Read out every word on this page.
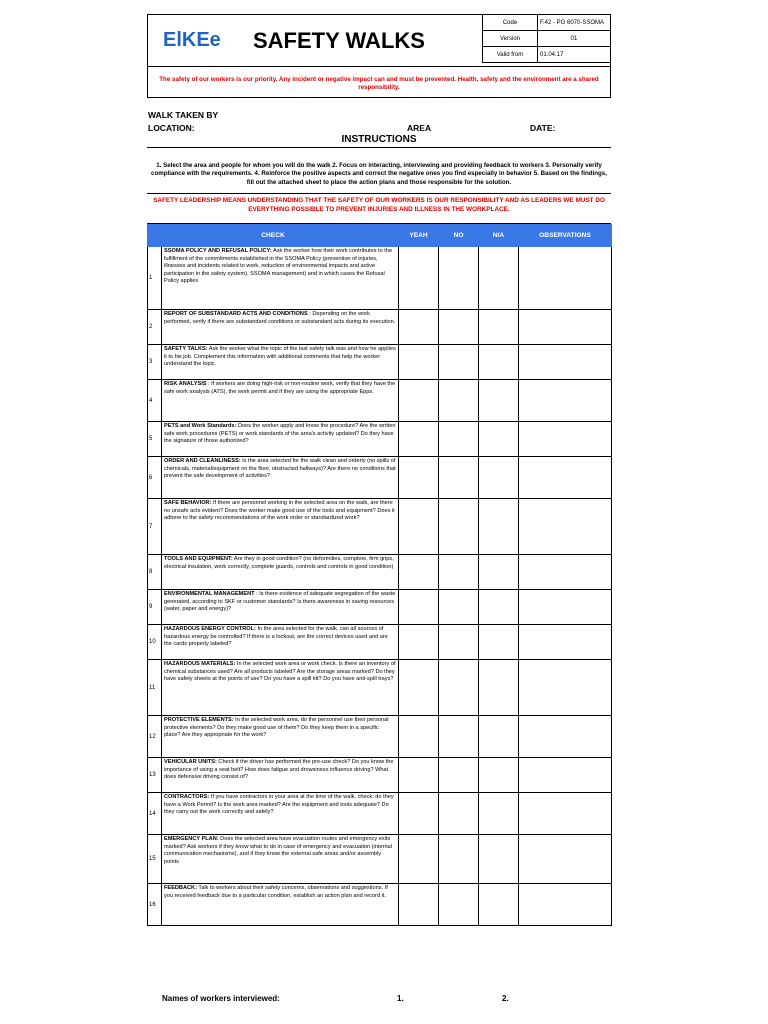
ElKEe SAFETY WALKS
Code	F.42 - PG 6070-SSOMA
Version	01
Valid from	01.04.17
The safety of our workers is our priority. Any incident or negative impact can and must be prevented. Health, safety and the environment are a shared responsibility.
WALK TAKEN BY
LOCATION:	AREA	DATE:
INSTRUCTIONS
1. Select the area and people for whom you will do the walk 2. Focus on interacting, interviewing and providing feedback to workers 3. Personally verify compliance with the requirements. 4. Reinforce the positive aspects and correct the negative ones you find especially in behavior 5. Based on the findings, fill out the attached sheet to place the action plans and those responsible for the solution.
SAFETY LEADERSHIP MEANS UNDERSTANDING THAT THE SAFETY OF OUR WORKERS IS OUR RESPONSIBILITY AND AS LEADERS WE MUST DO EVERYTHING POSSIBLE TO PREVENT INJURIES AND ILLNESS IN THE WORKPLACE.
CHECK		YEAH	NO	N/A	OBSERVATIONS
1	SSOMA POLICY AND REFUSAL POLICY: Ask the worker how their work contributes to the fulfillment of the commitments established in the SSOMA Policy (prevention of injuries, illnesses and incidents related to work, reduction of environmental impacts and active participation in the safety system). SSOMA management) and in which cases the Refusal Policy applies				
2	REPORT OF SUBSTANDARD ACTS AND CONDITIONS : Depending on the work performed, verify if there are substandard conditions or substandard acts during its execution.				
3	SAFETY TALKS: Ask the worker what the topic of the last safety talk was and how he applies it to his job. Complement this information with additional comments that help the worker understand the topic.				
4	RISK ANALYSIS : If workers are doing high-risk or non-routine work, verify that they have the safe work analysis (ATS), the work permit and if they are using the appropriate Epps.				
5	PETS and Work Standards: Does the worker apply and know the procedure? Are the written safe work procedures (PETS) or work standards of the area's activity updated? Do they have the signature of those authorized?				
6	ORDER AND CLEANLINESS: Is the area selected for the walk clean and orderly (no spills of chemicals, material/equipment on the floor, obstructed hallways)? Are there no conditions that prevent the safe development of activities?				
7	SAFE BEHAVIOR: If there are personnel working in the selected area on the walk, are there no unsafe acts evident? Does the worker make good use of the tools and equipment? Does it adhere to the safety recommendations of the work order or standardized work?				
8	TOOLS AND EQUIPMENT: Are they in good condition? (no deformities, complete, firm grips, electrical insulation, work correctly, complete guards, controls and controls in good condition)				
9	ENVIRONMENTAL MANAGEMENT : Is there evidence of adequate segregation of the waste generated, according to SKF or customer standards? Is there awareness in saving resources (water, paper and energy)?				
10	HAZARDOUS ENERGY CONTROL: In the area selected for the walk, can all sources of hazardous energy be controlled? If there is a lockout, are the correct devices used and are the cards properly labeled?				
11	HAZARDOUS MATERIALS: In the selected work area or work check. Is there an inventory of chemical substances used? Are all products labeled? Are the storage areas marked? Do they have safety sheets at the points of use? Do you have a spill kit? Do you have anti-spill trays?				
12	PROTECTIVE ELEMENTS: In the selected work area, do the personnel use their personal protective elements? Do they make good use of them? Do they keep them in a specific place? Are they appropriate for the work?				
13	VEHICULAR UNITS: Check if the driver has performed the pre-use check? Do you know the importance of using a seat belt? How does fatigue and drowsiness influence driving? What does defensive driving consist of?				
14	CONTRACTORS: If you have contractors in your area at the time of the walk, check: do they have a Work Permit? Is the work area marked? Are the equipment and tools adequate? Do they carry out the work correctly and safely?				
15	EMERGENCY PLAN: Does the selected area have evacuation routes and emergency exits marked? Ask workers if they know what to do in case of emergency and evacuation (internal communication mechanisms), and if they know the external safe areas and/or assembly points				
16	FEEDBACK: Talk to workers about their safety concerns, observations and suggestions. If you received feedback due to a particular condition, establish an action plan and record it.				
Names of workers interviewed:	1.	2.
